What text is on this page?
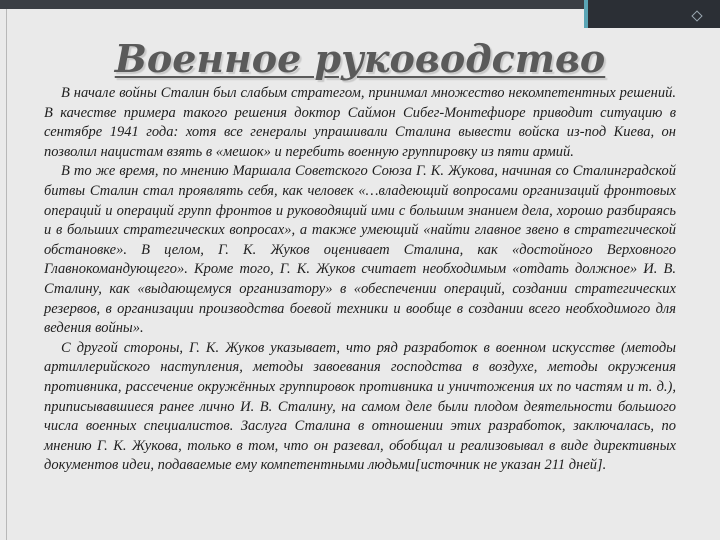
Военное руководство

В начале войны Сталин был слабым стратегом, принимал множество некомпетентных решений. В качестве примера такого решения доктор Саймон Сибег-Монтефиоре приводит ситуацию в сентябре 1941 года: хотя все генералы упрашивали Сталина вывести войска из-под Киева, он позволил нацистам взять в «мешок» и перебить военную группировку из пяти армий.

В то же время, по мнению Маршала Советского Союза Г. К. Жукова, начиная со Сталинградской битвы Сталин стал проявлять себя, как человек «…владеющий вопросами организаций фронтовых операций и операций групп фронтов и руководящий ими с большим знанием дела, хорошо разбираясь и в больших стратегических вопросах», а также умеющий «найти главное звено в стратегической обстановке». В целом, Г. К. Жуков оценивает Сталина, как «достойного Верховного Главнокомандующего». Кроме того, Г. К. Жуков считает необходимым «отдать должное» И. В. Сталину, как «выдающемуся организатору» в «обеспечении операций, создании стратегических резервов, в организации производства боевой техники и вообще в создании всего необходимого для ведения войны».

С другой стороны, Г. К. Жуков указывает, что ряд разработок в военном искусстве (методы артиллерийского наступления, методы завоевания господства в воздухе, методы окружения противника, рассечение окружённых группировок противника и уничтожения их по частям и т. д.), приписывавшиеся ранее лично И. В. Сталину, на самом деле были плодом деятельности большого числа военных специалистов. Заслуга Сталина в отношении этих разработок, заключалась, по мнению Г. К. Жукова, только в том, что он разевал, обобщал и реализовывал в виде директивных документов идеи, подаваемые ему компетентными людьми[источник не указан 211 дней].
